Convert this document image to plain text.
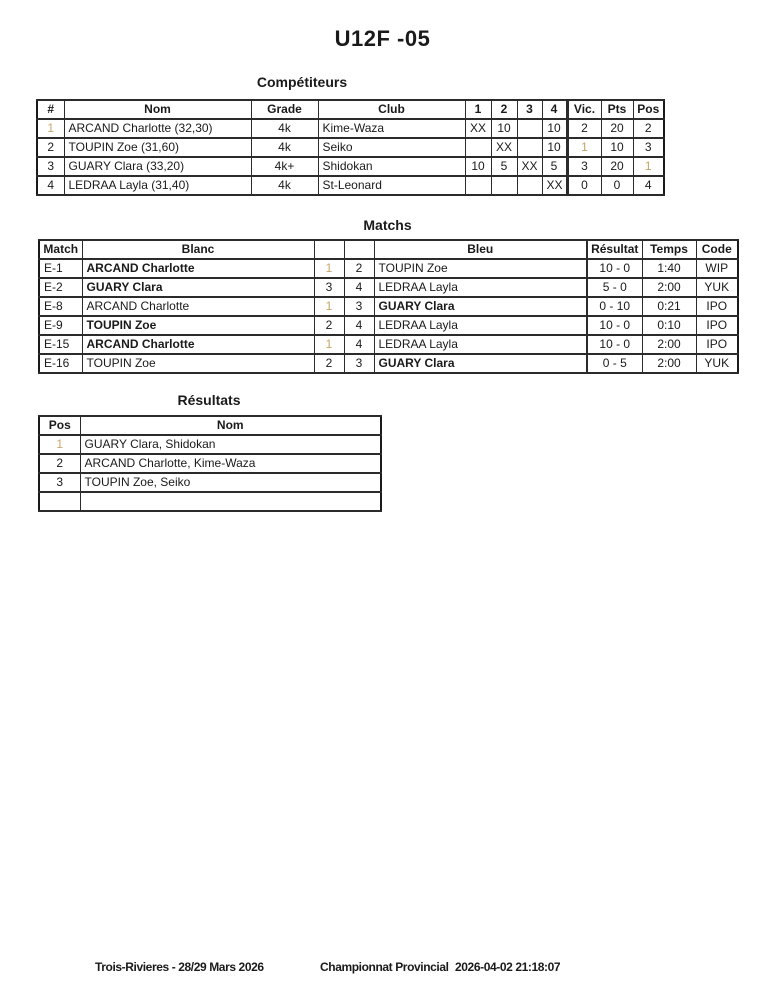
U12F -05
Compétiteurs
#	Nom	Grade	Club	1	2	3	4	Vic.	Pts	Pos
1	ARCAND Charlotte (32,30)	4k	Kime-Waza	XX	10		10	2	20	2
2	TOUPIN Zoe (31,60)	4k	Seiko		XX		10	1	10	3
3	GUARY Clara (33,20)	4k+	Shidokan	10	5	XX	5	3	20	1
4	LEDRAA Layla (31,40)	4k	St-Leonard				XX	0	0	4
Matchs
Match	Blanc			Bleu	Résultat	Temps	Code
E-1	ARCAND Charlotte	1	2	TOUPIN Zoe	10 - 0	1:40	WIP
E-2	GUARY Clara	3	4	LEDRAA Layla	5 - 0	2:00	YUK
E-8	ARCAND Charlotte	1	3	GUARY Clara	0 - 10	0:21	IPO
E-9	TOUPIN Zoe	2	4	LEDRAA Layla	10 - 0	0:10	IPO
E-15	ARCAND Charlotte	1	4	LEDRAA Layla	10 - 0	2:00	IPO
E-16	TOUPIN Zoe	2	3	GUARY Clara	0 - 5	2:00	YUK
Résultats
Pos	Nom
1	GUARY Clara, Shidokan
2	ARCAND Charlotte, Kime-Waza
3	TOUPIN Zoe, Seiko

Trois-Rivieres - 28/29 Mars 2026	Championnat Provincial 2026-04-02 21:18:07
